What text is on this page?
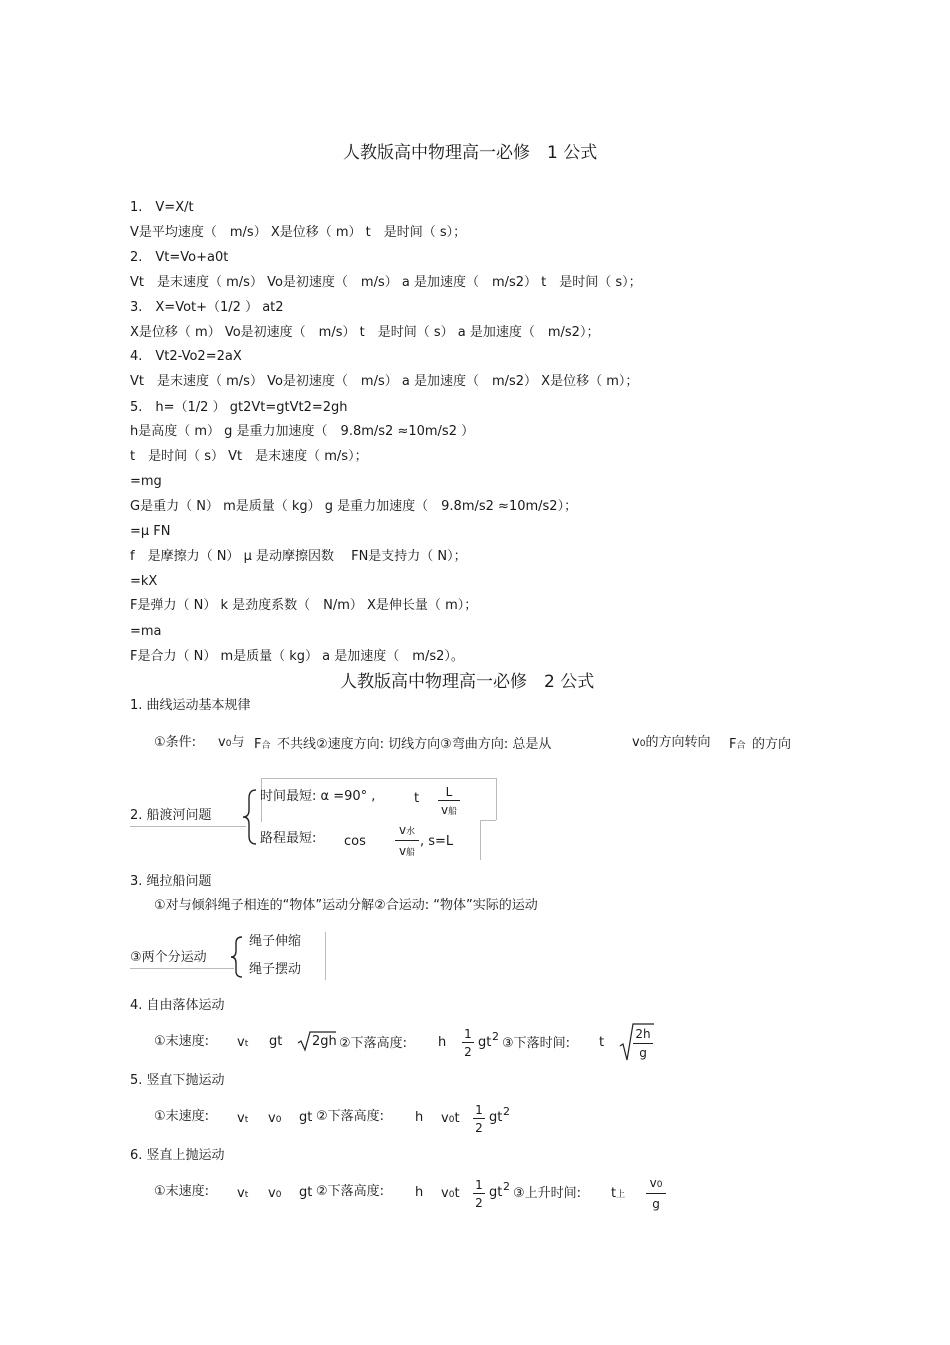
人教版高中物理高一必修　1 公式
1.　V=X/t
V是平均速度（　m/s） X是位移（ m） t　是时间（ s）；
2.　Vt=Vo+a0t
Vt　是末速度（ m/s） Vo是初速度（　m/s） a 是加速度（　m/s2） t　是时间（ s）；
3.　X=Vot+（1/2 ） at2
X是位移（ m） Vo是初速度（　m/s） t　是时间（ s） a 是加速度（　m/s2）；
4.　Vt2-Vo2=2aX
Vt　是末速度（ m/s） Vo是初速度（　m/s） a 是加速度（　m/s2） X是位移（ m）；
5.　h=（1/2 ） gt2Vt=gtVt2=2gh
h是高度（ m） g 是重力加速度（　9.8m/s2 ≈10m/s2 ）
t　是时间（ s） Vt　是末速度（ m/s）；
=mg
G是重力（ N） m是质量（ kg） g 是重力加速度（　9.8m/s2 ≈10m/s2）；
=μ FN
f　是摩擦力（ N） μ 是动摩擦因数　 FN是支持力（ N）；
=kX
F是弹力（ N） k 是劲度系数（　N/m） X是伸长量（ m）；
=ma
F是合力（ N） m是质量（ kg） a 是加速度（　m/s2）。
人教版高中物理高一必修　2 公式
1. 曲线运动基本规律
①条件: v0与 F合 不共线②速度方向: 切线方向③弯曲方向: 总是从	v0的方向转向 F合 的方向
2. 船渡河问题
时间最短: α =90° ,	t	L
v船
路程最短: cos
v水
v船
, s=L
3. 绳拉船问题
①对与倾斜绳子相连的“物体”运动分解②合运动: “物体”实际的运动
③两个分运动
绳子伸缩
绳子摆动
4. 自由落体运动
①末速度: vt gt 2gh ②下落高度: h
1
2
gt 2 ③下落时间: t
2h
g
5. 竖直下抛运动
①末速度: vt v0 gt ②下落高度: h v0t
1
2
gt 2
6. 竖直上抛运动
①末速度: vt v0 gt ②下落高度: h v0t
1
2
gt 2 ③上升时间: t上
v0
g
